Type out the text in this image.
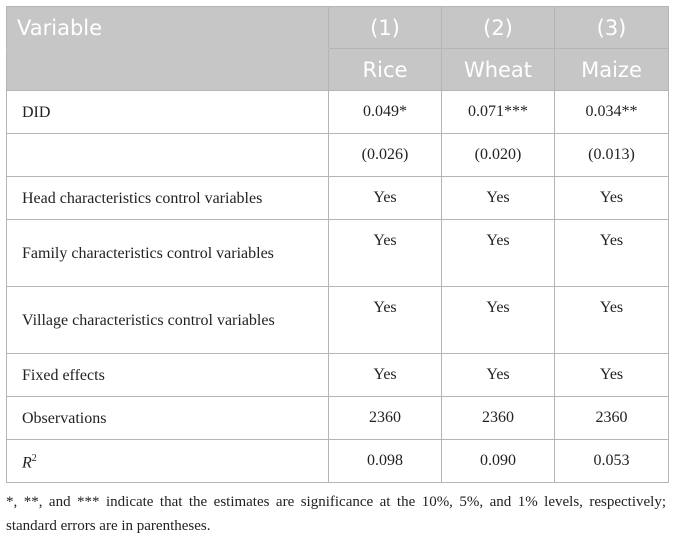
Variable	(1)	(2)	(3)
	Rice	Wheat	Maize
DID	0.049*	0.071***	0.034**
	(0.026)	(0.020)	(0.013)
Head characteristics control variables	Yes	Yes	Yes
Family characteristics control variables	Yes	Yes	Yes
Village characteristics control variables	Yes	Yes	Yes
Fixed effects	Yes	Yes	Yes
Observations	2360	2360	2360
$R^2$	0.098	0.090	0.053
*, **, and *** indicate that the estimates are significance at the 10%, 5%, and 1% levels, respectively; standard errors are in parentheses.
